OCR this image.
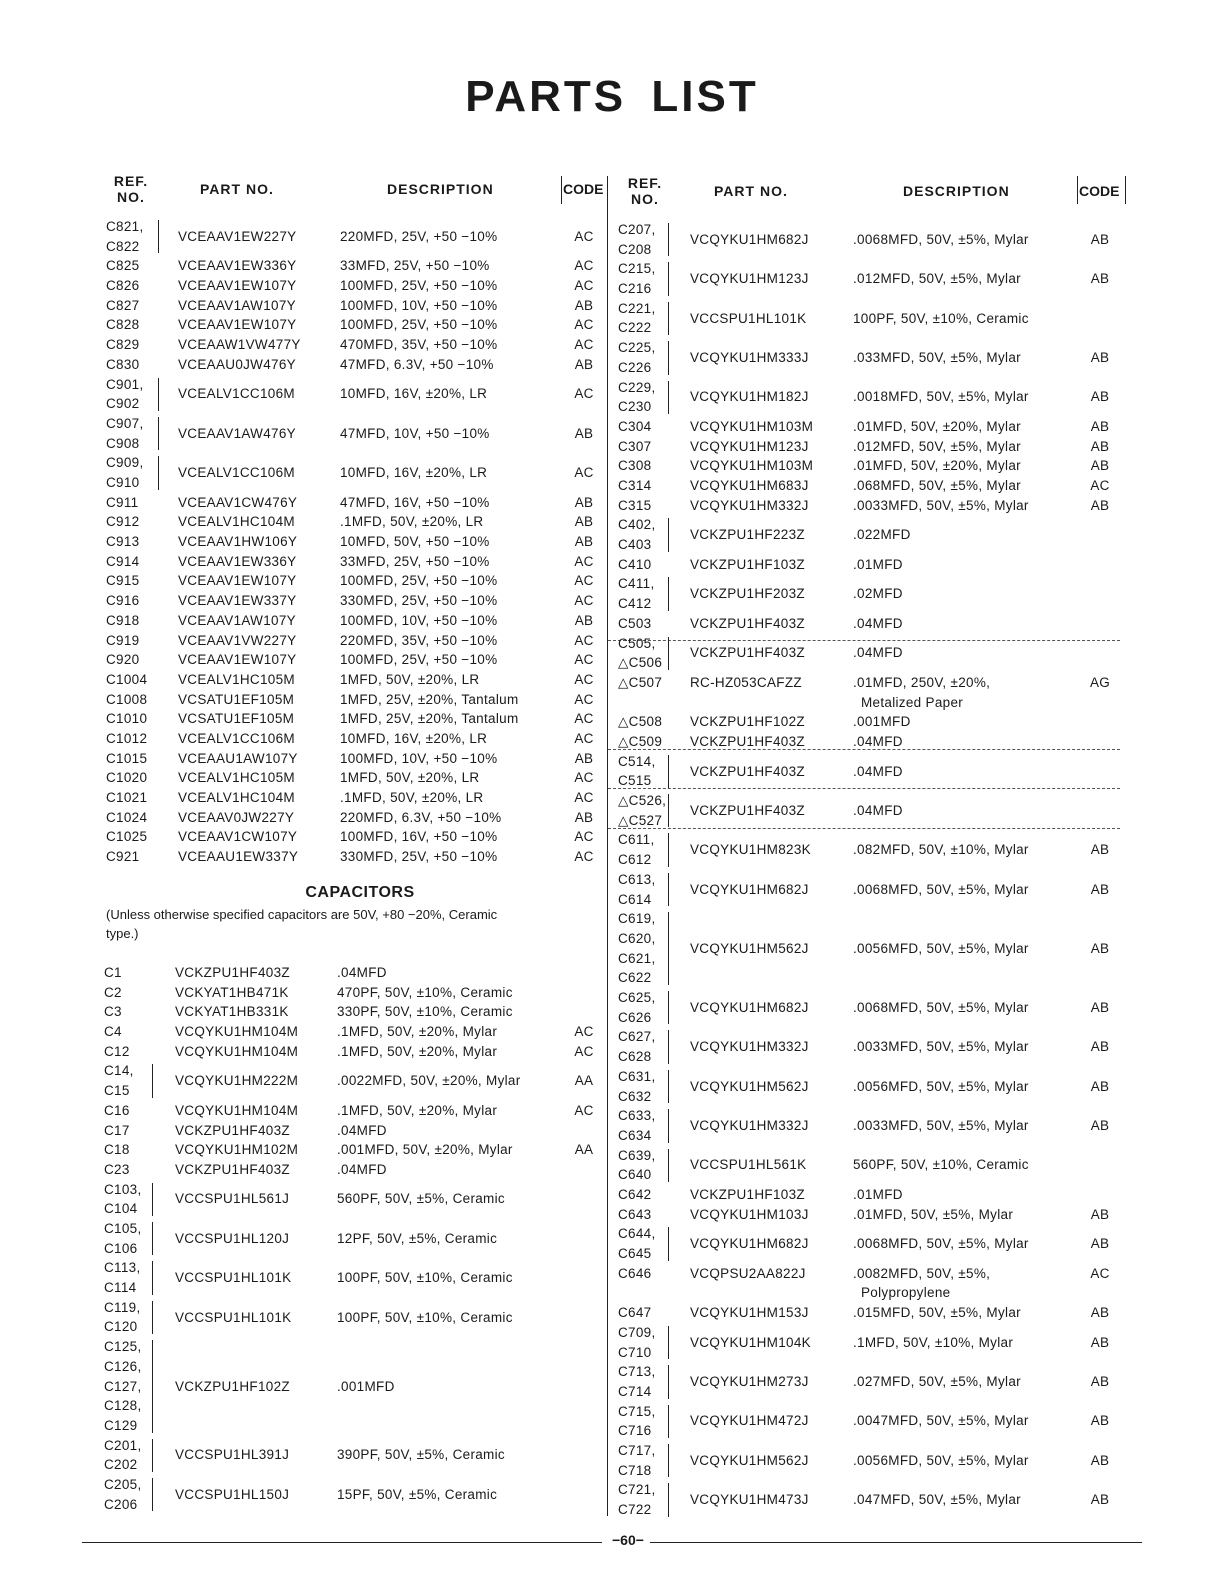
PARTS LIST
REF.
NO.	PART NO.	DESCRIPTION	CODE	REF.
NO.	PART NO.	DESCRIPTION	CODE
C821,
C822
VCEAAV1EW227Y	220MFD, 25V, +50 −10%	AC
C825	VCEAAV1EW336Y	33MFD, 25V, +50 −10%	AC
C826	VCEAAV1EW107Y	100MFD, 25V, +50 −10%	AC
C827	VCEAAV1AW107Y	100MFD, 10V, +50 −10%	AB
C828	VCEAAV1EW107Y	100MFD, 25V, +50 −10%	AC
C829	VCEAAW1VW477Y	470MFD, 35V, +50 −10%	AC
C830	VCEAAU0JW476Y	47MFD, 6.3V, +50 −10%	AB
C901,
C902
VCEALV1CC106M	10MFD, 16V, ±20%, LR	AC
C907,
C908
VCEAAV1AW476Y	47MFD, 10V, +50 −10%	AB
C909,
C910
VCEALV1CC106M	10MFD, 16V, ±20%, LR	AC
C911	VCEAAV1CW476Y	47MFD, 16V, +50 −10%	AB
C912	VCEALV1HC104M	.1MFD, 50V, ±20%, LR	AB
C913	VCEAAV1HW106Y	10MFD, 50V, +50 −10%	AB
C914	VCEAAV1EW336Y	33MFD, 25V, +50 −10%	AC
C915	VCEAAV1EW107Y	100MFD, 25V, +50 −10%	AC
C916	VCEAAV1EW337Y	330MFD, 25V, +50 −10%	AC
C918	VCEAAV1AW107Y	100MFD, 10V, +50 −10%	AB
C919	VCEAAV1VW227Y	220MFD, 35V, +50 −10%	AC
C920	VCEAAV1EW107Y	100MFD, 25V, +50 −10%	AC
C1004 VCEALV1HC105M	1MFD, 50V, ±20%, LR	AC
C1008 VCSATU1EF105M	1MFD, 25V, ±20%, Tantalum	AC
C1010 VCSATU1EF105M	1MFD, 25V, ±20%, Tantalum	AC
C1012 VCEALV1CC106M	10MFD, 16V, ±20%, LR	AC
C1015 VCEAAU1AW107Y	100MFD, 10V, +50 −10%	AB
C1020 VCEALV1HC105M	1MFD, 50V, ±20%, LR	AC
C1021 VCEALV1HC104M	.1MFD, 50V, ±20%, LR	AC
C1024 VCEAAV0JW227Y	220MFD, 6.3V, +50 −10%	AB
C1025 VCEAAV1CW107Y	100MFD, 16V, +50 −10%	AC
C921	VCEAAU1EW337Y	330MFD, 25V, +50 −10%	AC
CAPACITORS
(Unless otherwise specified capacitors are 50V, +80 −20%, Ceramic type.)
C1	VCKZPU1HF403Z	.04MFD
C2	VCKYAT1HB471K	470PF, 50V, ±10%, Ceramic
C3	VCKYAT1HB331K	330PF, 50V, ±10%, Ceramic
C4	VCQYKU1HM104M	.1MFD, 50V, ±20%, Mylar	AC
C12	VCQYKU1HM104M	.1MFD, 50V, ±20%, Mylar	AC
C14,
C15
VCQYKU1HM222M	.0022MFD, 50V, ±20%, Mylar	AA
C16	VCQYKU1HM104M	.1MFD, 50V, ±20%, Mylar	AC
C17	VCKZPU1HF403Z	.04MFD
C18	VCQYKU1HM102M	.001MFD, 50V, ±20%, Mylar	AA
C23	VCKZPU1HF403Z	.04MFD
C103,
C104
VCCSPU1HL561J	560PF, 50V, ±5%, Ceramic
C105,
C106
VCCSPU1HL120J	12PF, 50V, ±5%, Ceramic
C113,
C114
VCCSPU1HL101K	100PF, 50V, ±10%, Ceramic
C119,
C120
VCCSPU1HL101K	100PF, 50V, ±10%, Ceramic
C125,
C126,
C127,
C128,
C129
VCKZPU1HF102Z	.001MFD
C201,
C202
VCCSPU1HL391J	390PF, 50V, ±5%, Ceramic
C205,
C206
VCCSPU1HL150J	15PF, 50V, ±5%, Ceramic
C207,
C208
VCQYKU1HM682J	.0068MFD, 50V, ±5%, Mylar	AB
C215,
C216
VCQYKU1HM123J	.012MFD, 50V, ±5%, Mylar	AB
C221,
C222
VCCSPU1HL101K	100PF, 50V, ±10%, Ceramic
C225,
C226
VCQYKU1HM333J	.033MFD, 50V, ±5%, Mylar	AB
C229,
C230
VCQYKU1HM182J	.0018MFD, 50V, ±5%, Mylar	AB
C304	VCQYKU1HM103M	.01MFD, 50V, ±20%, Mylar	AB
C307	VCQYKU1HM123J	.012MFD, 50V, ±5%, Mylar	AB
C308	VCQYKU1HM103M	.01MFD, 50V, ±20%, Mylar	AB
C314	VCQYKU1HM683J	.068MFD, 50V, ±5%, Mylar	AC
C315	VCQYKU1HM332J	.0033MFD, 50V, ±5%, Mylar	AB
C402,
C403
VCKZPU1HF223Z	.022MFD
C410	VCKZPU1HF103Z	.01MFD
C411,
C412
VCKZPU1HF203Z	.02MFD
C503	VCKZPU1HF403Z	.04MFD
C505,
△C506
VCKZPU1HF403Z	.04MFD
△C507 RC-HZ053CAFZZ	.01MFD, 250V, ±20%,
Metalized Paper
AG
△C508 VCKZPU1HF102Z	.001MFD
△C509 VCKZPU1HF403Z	.04MFD
C514,
C515
VCKZPU1HF403Z	.04MFD
△C526,
△C527
VCKZPU1HF403Z	.04MFD
C611,
C612
VCQYKU1HM823K	.082MFD, 50V, ±10%, Mylar	AB
C613,
C614
VCQYKU1HM682J	.0068MFD, 50V, ±5%, Mylar	AB
C619,
C620,
C621,
C622
VCQYKU1HM562J	.0056MFD, 50V, ±5%, Mylar	AB
C625,
C626
VCQYKU1HM682J	.0068MFD, 50V, ±5%, Mylar	AB
C627,
C628
VCQYKU1HM332J	.0033MFD, 50V, ±5%, Mylar	AB
C631,
C632
VCQYKU1HM562J	.0056MFD, 50V, ±5%, Mylar	AB
C633,
C634
VCQYKU1HM332J	.0033MFD, 50V, ±5%, Mylar	AB
C639,
C640
VCCSPU1HL561K	560PF, 50V, ±10%, Ceramic
C642	VCKZPU1HF103Z	.01MFD
C643	VCQYKU1HM103J	.01MFD, 50V, ±5%, Mylar	AB
C644,
C645
VCQYKU1HM682J	.0068MFD, 50V, ±5%, Mylar	AB
C646	VCQPSU2AA822J	.0082MFD, 50V, ±5%,
Polypropylene
AC
C647	VCQYKU1HM153J	.015MFD, 50V, ±5%, Mylar	AB
C709,
C710
VCQYKU1HM104K	.1MFD, 50V, ±10%, Mylar	AB
C713,
C714
VCQYKU1HM273J	.027MFD, 50V, ±5%, Mylar	AB
C715,
C716
VCQYKU1HM472J	.0047MFD, 50V, ±5%, Mylar	AB
C717,
C718
VCQYKU1HM562J	.0056MFD, 50V, ±5%, Mylar	AB
C721,
C722
VCQYKU1HM473J	.047MFD, 50V, ±5%, Mylar	AB
−60−
